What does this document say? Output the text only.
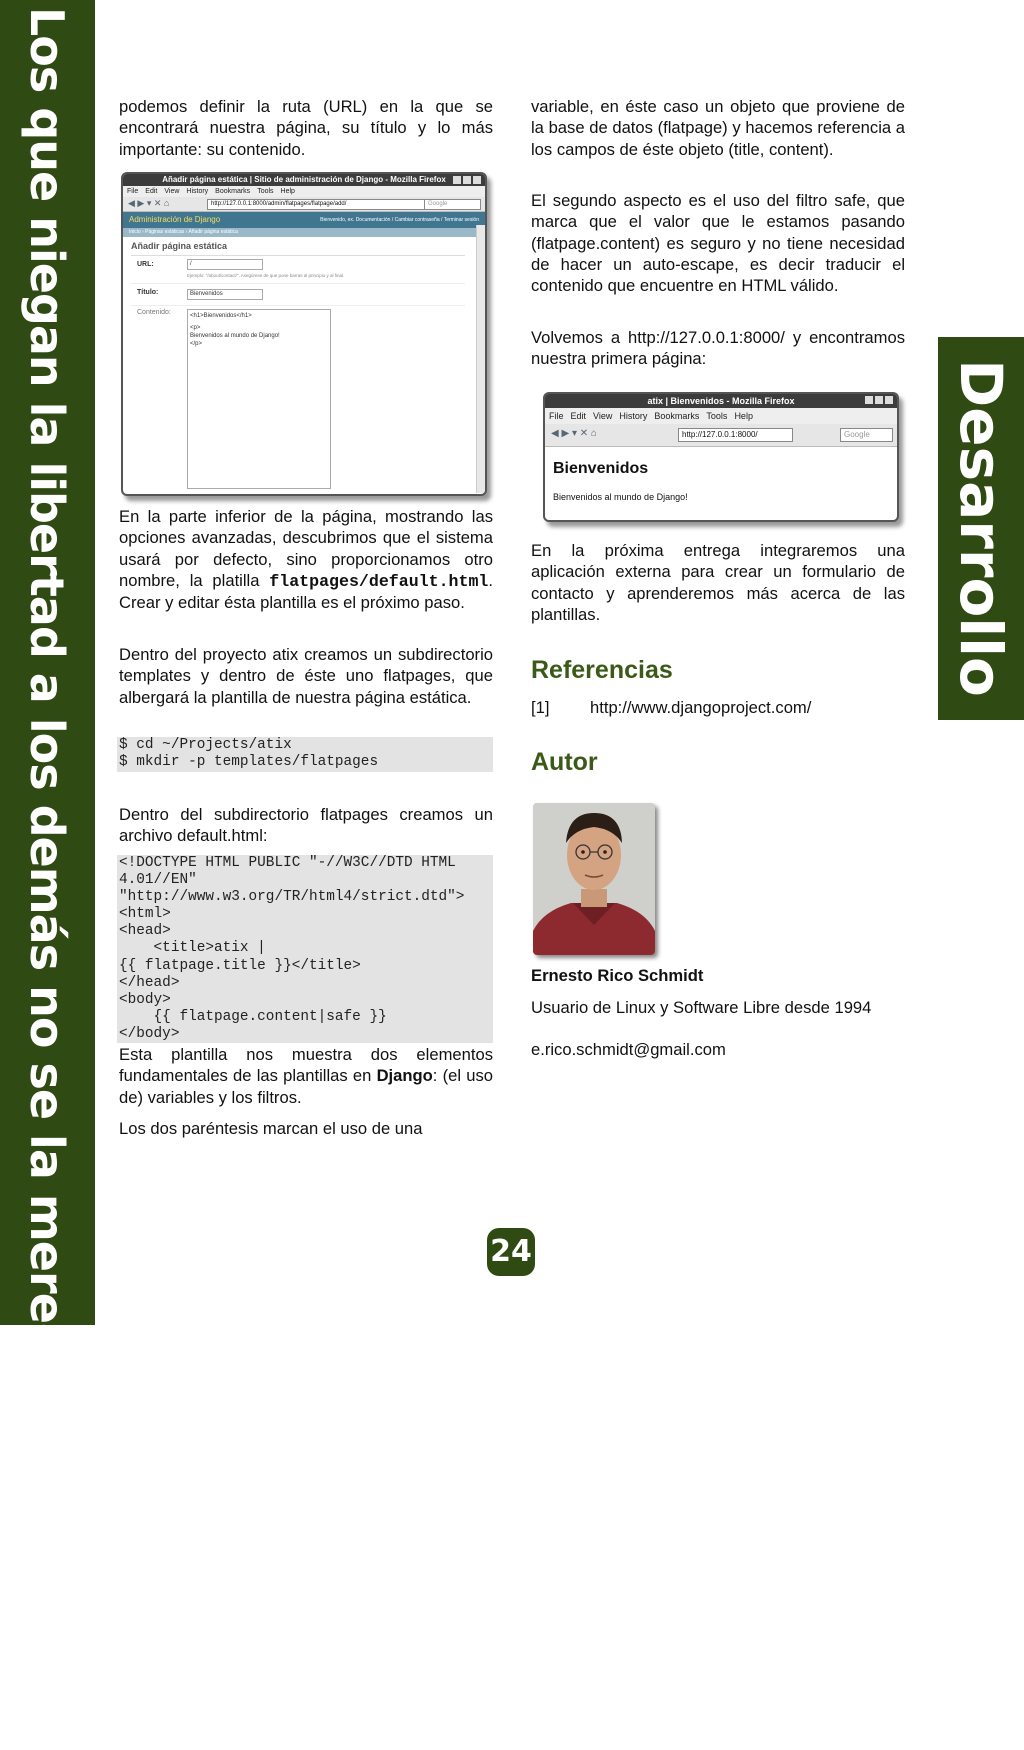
Los que niegan la libertad a los demás no se la merecen ellos mismos	Desarrollo

podemos definir la ruta (URL) en la que se encontrará nuestra página, su título y lo más importante: su contenido.

Añadir página estática | Sitio de administración de Django - Mozilla Firefox
File Edit View History Bookmarks Tools Help
◀ ▶ ▾ ✕ ⌂	http://127.0.0.1:8000/admin/flatpages/flatpage/add/	Google
Administración de Django	Bienvenido, ex. Documentación / Cambiar contraseña / Terminar sesión
Inicio › Páginas estáticas › Añadir página estática
Añadir página estática
URL:	/
Ejemplo: "/about/contact/". Asegúrese de que pone barras al principio y al final.
Título:	Bienvenidos
Contenido:	<h1>Bienvenidos</h1>
<p>
Bienvenidos al mundo de Django!
</p>

En la parte inferior de la página, mostrando las opciones avanzadas, descubrimos que el sistema usará por defecto, sino proporcionamos otro nombre, la platilla flatpages/default.html. Crear y editar ésta plantilla es el próximo paso.

Dentro del proyecto atix creamos un subdirectorio templates y dentro de éste uno flatpages, que albergará la plantilla de nuestra página estática.

$ cd ~/Projects/atix
$ mkdir -p templates/flatpages

Dentro del subdirectorio flatpages creamos un archivo default.html:

<!DOCTYPE HTML PUBLIC "-//W3C//DTD HTML
4.01//EN"
"http://www.w3.org/TR/html4/strict.dtd">
<html>
<head>
<title>atix |
{{ flatpage.title }}</title>
</head>
<body>
{{ flatpage.content|safe }}
</body>

Esta plantilla nos muestra dos elementos fundamentales de las plantillas en Django: (el uso de) variables y los filtros.

Los dos paréntesis marcan el uso de una

variable, en éste caso un objeto que proviene de la base de datos (flatpage) y hacemos referencia a los campos de éste objeto (title, content).

El segundo aspecto es el uso del filtro safe, que marca que el valor que le estamos pasando (flatpage.content) es seguro y no tiene necesidad de hacer un auto-escape, es decir traducir el contenido que encuentre en HTML válido.

Volvemos a http://127.0.0.1:8000/ y encontramos nuestra primera página:

atix | Bienvenidos - Mozilla Firefox
File Edit View History Bookmarks Tools Help
◀ ▶ ▾ ✕ ⌂	http://127.0.0.1:8000/	Google
Bienvenidos
Bienvenidos al mundo de Django!

En la próxima entrega integraremos una aplicación externa para crear un formulario de contacto y aprenderemos más acerca de las plantillas.

Referencias
[1] http://www.djangoproject.com/
Autor
Ernesto Rico Schmidt

Usuario de Linux y Software Libre desde 1994

e.rico.schmidt@gmail.com
24
